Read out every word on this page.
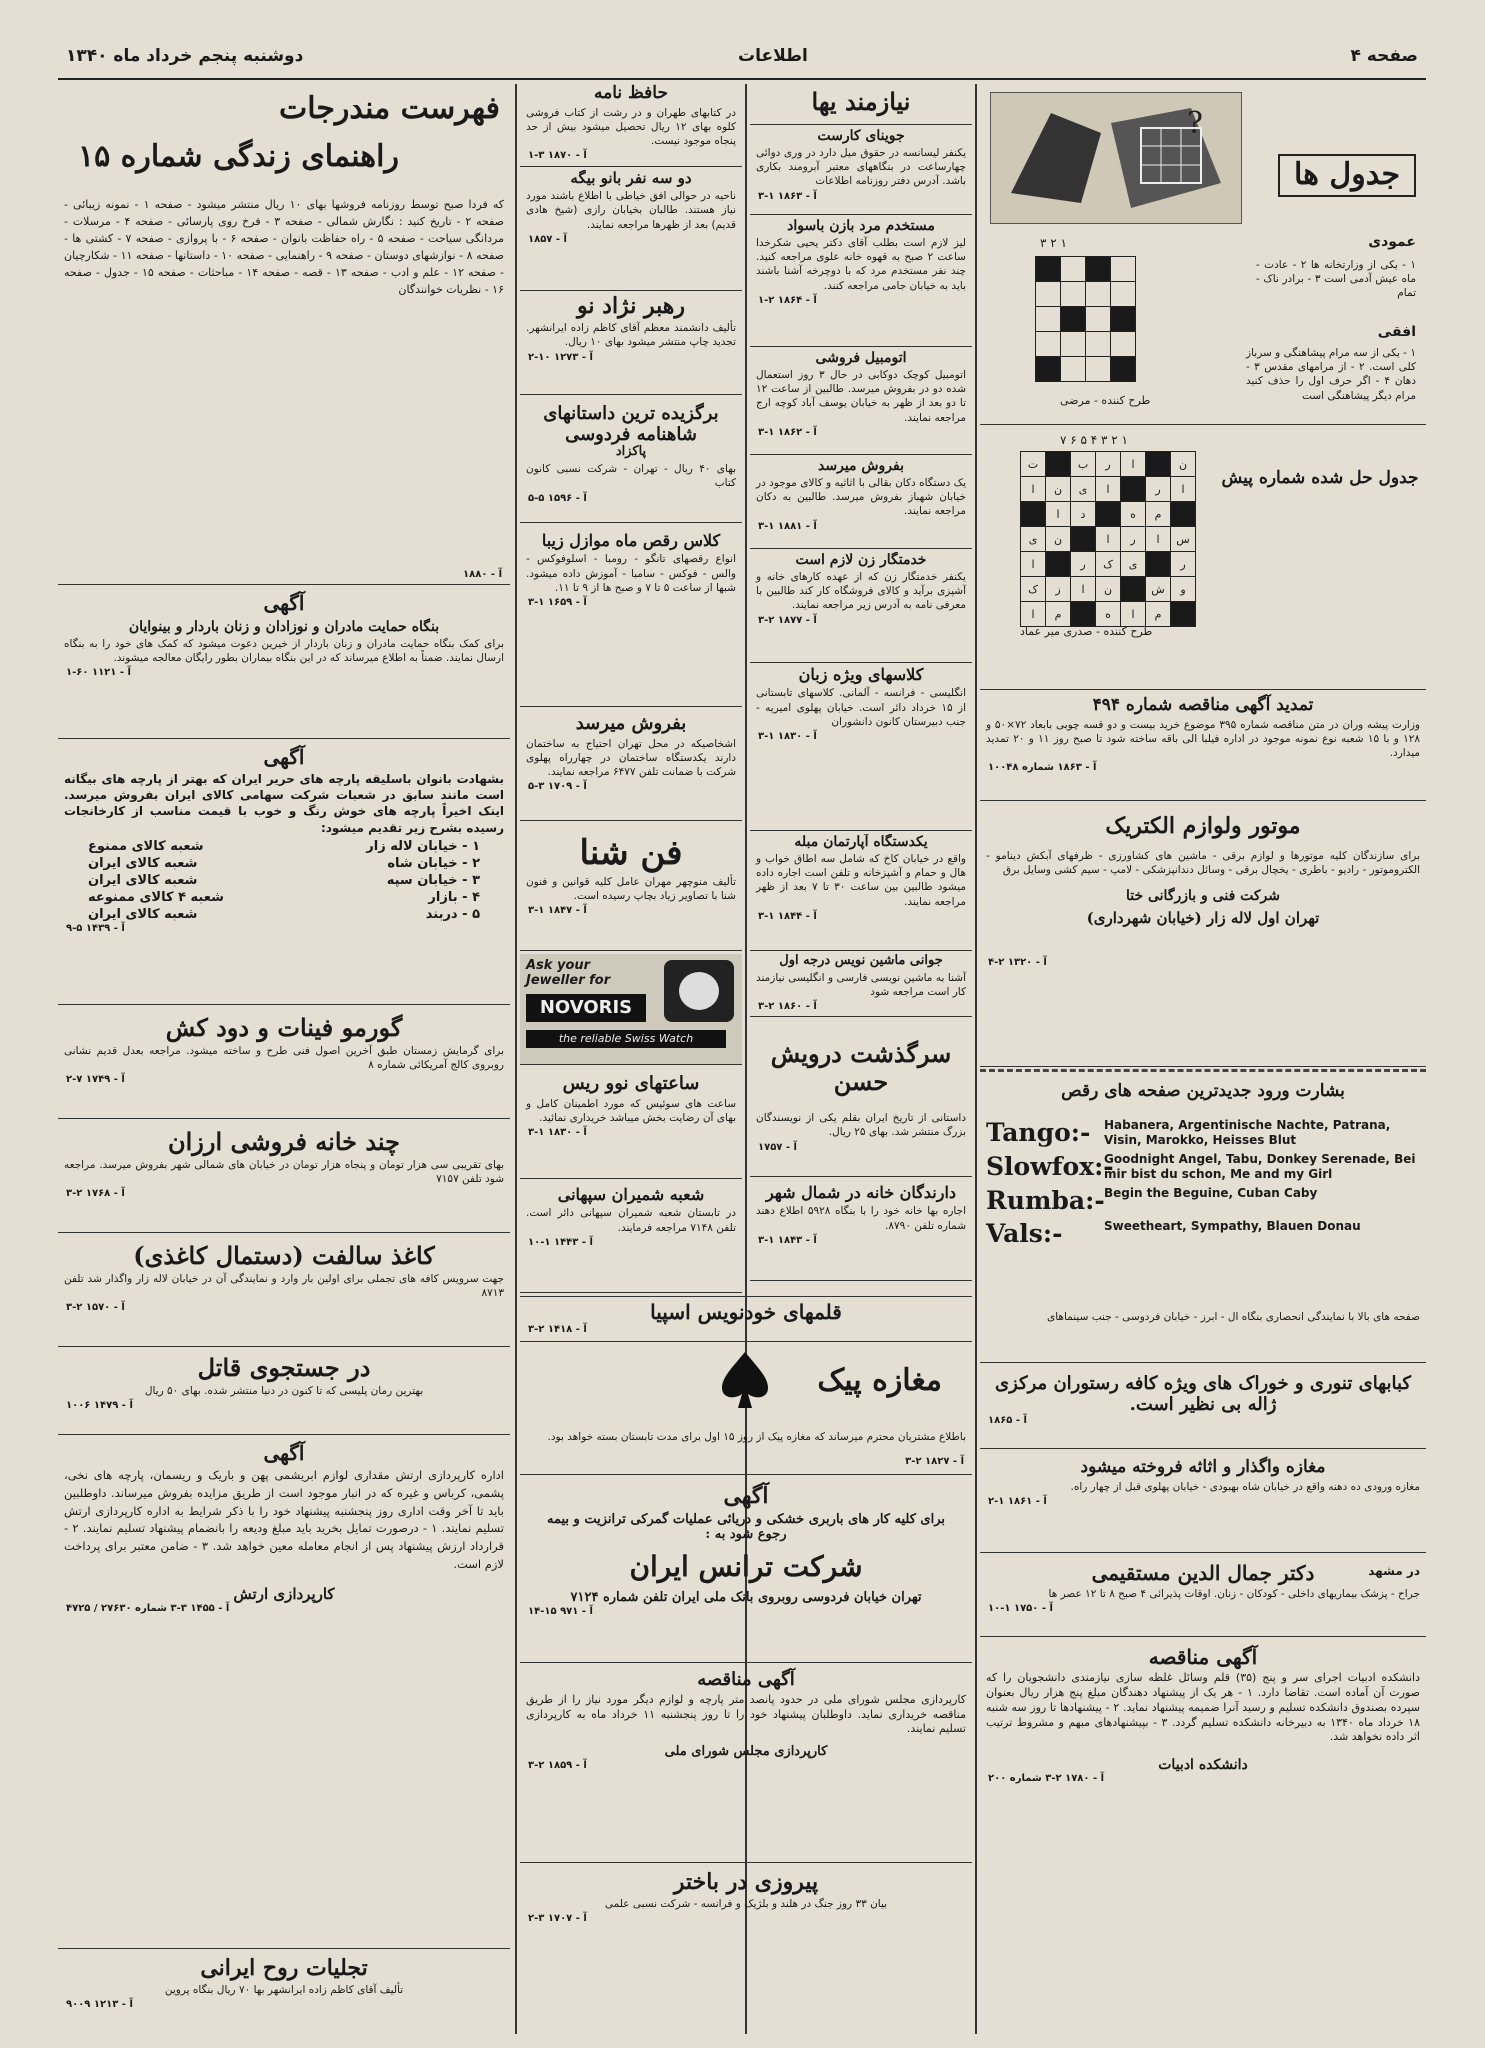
صفحه ۴
اطلاعات
دوشنبه پنجم خرداد ماه ۱۳۴۰
جدول ها
?
عمودی
۱ - یکی از وزارتخانه ها ۲ - عادت - ماه عیش آدمی است ۳ - برادر ناک - تمام
افقی
۱ - یکی از سه مرام پیشاهنگی و سرباز کلی است. ۲ - از مرامهای مقدس ۳ - دهان ۴ - اگر حرف اول را حذف کنید مرام دیگر پیشاهنگی است
۳ ۲ ۱

طرح کننده - مرضی
جدول حل شده شماره پیش
۷ ۶ ۵ ۴ ۳ ۲ ۱
ن		ا	ر	ب		ت
ا	ر		ا	ی	ن	ا
	م	ه		د	ا	
س	ا	ر	ا		ن	ی
ر		ی	ک	ر		ا
و	ش		ن	ا	ز	ک
	م	ا	ه		م	ا
طرح کننده - صدری میر عماد
تمدید آگهی مناقصه شماره ۴۹۴
وزارت پیشه وران در متن مناقصه شماره ۳۹۵ موضوع خرید بیست و دو قسه چوبی بابعاد ۷۲×۵۰ و ۱۲۸ و با ۱۵ شعبه نوع نمونه موجود در اداره فیلبا الی باقه ساخته شود تا صبح روز ۱۱ و ۲۰ تمدید میدارد.
آ - ۱۸۶۳ شماره ۱۰۰۴۸
موتور ولوازم الکتریک
برای سازندگان کلیه موتورها و لوازم برقی - ماشین های کشاورزی - ظرفهای آبکش دینامو - الکتروموتور - رادیو - باطری - یخچال برقی - وسائل دندانپزشکی - لامپ - سیم کشی وسایل برق
شرکت فنی و بازرگانی ختا
تهران اول لاله زار (خیابان شهرداری)
آ - ۱۳۲۰ ۲-۴
بشارت ورود جدیدترین صفحه های رقص
Tango:-	Habanera, Argentinische Nachte, Patrana, Visin, Marokko, Heisses Blut
Slowfox:-
Goodnight Angel, Tabu, Donkey Serenade, Bei mir bist du schon, Me and my Girl
Rumba:- Begin the Beguine, Cuban Caby
Vals:-	Sweetheart, Sympathy, Blauen Donau
صفحه های بالا با نمایندگی انحصاری بنگاه ال - ابرز - خیابان فردوسی - جنب سینماهای
کبابهای تنوری و خوراک های ویژه کافه رستوران مرکزی ژاله بی نظیر است.
آ - ۱۸۶۵
مغازه واگذار و اثاثه فروخته میشود
مغازه ورودی ده دهنه واقع در خیابان شاه بهبودی - خیابان پهلوی قبل از چهار راه.
آ - ۱۸۶۱ ۱-۲
در مشهد
دکتر جمال الدین مستقیمی
جراح - پزشک بیماریهای داخلی - کودکان - زنان. اوقات پذیرائی ۴ صبح ۸ تا ۱۲ عصر ها
آ - ۱۷۵۰ ۱-۱۰
آگهی مناقصه
دانشکده ادبیات اجرای سر و پنج (۳۵) قلم وسائل غلظه سازی نیازمندی دانشجویان را که صورت آن آماده است. تقاضا دارد. ۱ - هر یک از پیشنهاد دهندگان مبلغ پنج هزار ریال بعنوان سپرده بصندوق دانشکده تسلیم و رسید آنرا ضمیمه پیشنهاد نماید. ۲ - پیشنهادها تا روز سه شنبه ۱۸ خرداد ماه ۱۳۴۰ به دبیرخانه دانشکده تسلیم گردد. ۳ - بپیشنهادهای مبهم و مشروط ترتیب اثر داده نخواهد شد.
دانشکده ادبیات
آ - ۱۷۸۰ ۲-۳ شماره ۲۰۰
نیازمند یها
جوینای کارست
یکنفر لیسانسه در حقوق میل دارد در وری دوائی چهارساعت در بنگاههای معتبر آبرومند بکاری باشد. آدرس دفتر روزنامه اطلاعات
آ - ۱۸۶۳ ۱-۳
مستخدم مرد بازن باسواد
لیز لازم است بطلب آقای دکتر یحیی شکرخدا ساعت ۲ صبح به قهوه خانه علوی مراجعه کنید. چند نفر مستخدم مرد که با دوچرخه آشنا باشند باید به خیابان جامی مراجعه کنند.
آ - ۱۸۶۴ ۲-۱
اتومبیل فروشی
اتومبیل کوچک دوکابی در حال ۳ روز استعمال شده دو در بفروش میرسد. طالبین از ساعت ۱۲ تا دو بعد از ظهر به خیابان یوسف آباد کوچه ارج مراجعه نمایند.
آ - ۱۸۶۲ ۱-۳
بفروش میرسد
یک دستگاه دکان بقالی با اثاثیه و کالای موجود در خیابان شهباز بفروش میرسد. طالبین به دکان مراجعه نمایند.
آ - ۱۸۸۱ ۱-۳
خدمتگار زن لازم است
یکنفر خدمتگار زن که از عهده کارهای خانه و آشپزی برآید و کالای فروشگاه کار کند طالبین با معرفی نامه به آدرس زیر مراجعه نمایند.
آ - ۱۸۷۷ ۲-۳
کلاسهای ویژه زبان
انگلیسی - فرانسه - آلمانی. کلاسهای تابستانی از ۱۵ خرداد دائر است. خیابان پهلوی امیریه - جنب دبیرستان کانون دانشوران
آ - ۱۸۳۰ ۱-۳
یکدستگاه آپارتمان مبله
واقع در خیابان کاخ که شامل سه اطاق خواب و هال و حمام و آشپزخانه و تلفن است اجاره داده میشود طالبین بین ساعت ۳۰ تا ۷ بعد از ظهر مراجعه نمایند.
آ - ۱۸۴۴ ۱-۳
جوانی ماشین نویس درجه اول
آشنا به ماشین نویسی فارسی و انگلیسی نیازمند کار است مراجعه شود
آ - ۱۸۶۰ ۲-۳
سرگذشت درویش حسن
داستانی از تاریخ ایران بقلم یکی از نویسندگان بزرگ منتشر شد. بهای ۲۵ ریال.
آ - ۱۷۵۷
دارندگان خانه در شمال شهر
اجاره بها خانه خود را با بنگاه ۵۹۲۸ اطلاع دهند شماره تلفن ۸۷۹۰.
آ - ۱۸۴۳ ۱-۳
حافظ نامه
در کتابهای طهران و در رشت از کتاب فروشی کلوه بهای ۱۲ ریال تحصیل میشود بیش از حد پنجاه موجود نیست.
آ - ۱۸۷۰ ۳-۱
دو سه نفر بانو بیگه
ناحیه در حوالی افق خیاطی با اطلاع باشند مورد نیاز هستند. طالبان بخیابان رازی (شیخ هادی قدیم) بعد از ظهرها مراجعه نمایند.
آ - ۱۸۵۷
رهبر نژاد نو
تألیف دانشمند معظم آقای کاظم زاده ایرانشهر. تجدید چاپ منتشر میشود بهای ۱۰ ریال.
آ - ۱۲۷۳ ۱۰-۲
برگزیده ترین داستانهای شاهنامه فردوسی
پاکزاد
بهای ۴۰ ریال - تهران - شرکت نسبی کانون کتاب
آ - ۱۵۹۶ ۵-۵
کلاس رقص ماه موازل زیبا
انواع رقصهای تانگو - رومبا - اسلوفوکس - والس - فوکس - سامبا - آموزش داده میشود. شبها از ساعت ۵ تا ۷ و صبح ها از ۹ تا ۱۱.
آ - ۱۶۵۹ ۱-۳
بفروش میرسد
اشخاصیکه در محل تهران احتیاج به ساختمان دارند یکدستگاه ساختمان در چهارراه پهلوی شرکت با ضمانت تلفن ۶۴۷۷ مراجعه نمایند.
آ - ۱۷۰۹ ۳-۵
فن شنا
تألیف منوچهر مهران عامل کلیه قوانین و فنون شنا با تصاویر زیاد بچاپ رسیده است.
آ - ۱۸۴۷ ۱-۳
Ask your Jeweller for
NOVORIS
the reliable Swiss Watch
ساعتهای نوو ریس
ساعت های سوئیس که مورد اطمینان کامل و بهای آن رضایت بخش میباشد خریداری نمائید.
آ - ۱۸۳۰ ۱-۳
شعبه شمیران سپهانی
در تابستان شعبه شمیران سپهانی دائر است. تلفن ۷۱۴۸ مراجعه فرمایند.
آ - ۱۴۴۳ ۱-۱۰
قلمهای خودنویس اسپیا
آ - ۱۴۱۸ ۲-۳
مغازه پیک
باطلاع مشتریان محترم میرساند که مغازه پیک از روز ۱۵ اول برای مدت تابستان بسته خواهد بود.
آ - ۱۸۲۷ ۲-۳
آگهی
برای کلیه کار های باربری خشکی و دریائی عملیات گمرکی ترانزیت و بیمه رجوع شود به :
شرکت ترانس ایران
تهران خیابان فردوسی روبروی بانک ملی ایران تلفن شماره ۷۱۲۴
آ - ۹۷۱ ۱۵-۱۴
آگهی مناقصه
کارپردازی مجلس شورای ملی در حدود پانصد متر پارچه و لوازم دیگر مورد نیاز را از طریق مناقصه خریداری نماید. داوطلبان پیشنهاد خود را تا روز پنجشنبه ۱۱ خرداد ماه به کارپردازی تسلیم نمایند.
کارپردازی مجلس شورای ملی
آ - ۱۸۵۹ ۲-۳
پیروزی در باختر
بیان ۳۳ روز جنگ در هلند و بلژیک و فرانسه - شرکت نسبی علمی
آ - ۱۷۰۷ ۳-۲
فهرست مندرجات
راهنمای زندگی شماره ۱۵
که فردا صبح توسط روزنامه فروشها بهای ۱۰ ریال منتشر میشود - صفحه ۱ - نمونه زیبائی - صفحه ۲ - تاریخ کنید : نگارش شمالی - صفحه ۳ - فرخ روی پارسائی - صفحه ۴ - مرسلات - مردانگی سیاحت - صفحه ۵ - راه حفاظت بانوان - صفحه ۶ - با پروازی - صفحه ۷ - کشتی ها - صفحه ۸ - نوازشهای دوستان - صفحه ۹ - راهنمایی - صفحه ۱۰ - داستانها - صفحه ۱۱ - شکارچیان - صفحه ۱۲ - علم و ادب - صفحه ۱۳ - قصه - صفحه ۱۴ - مباحثات - صفحه ۱۵ - جدول - صفحه ۱۶ - نظریات خوانندگان
آ - ۱۸۸۰
آگهی
بنگاه حمایت مادران و نوزادان و زنان باردار و بینوایان
برای کمک بنگاه حمایت مادران و زنان باردار از خیرین دعوت میشود که کمک های خود را به بنگاه ارسال نمایند. ضمناً به اطلاع میرساند که در این بنگاه بیماران بطور رایگان معالجه میشوند.
آ - ۱۱۲۱ ۶۰-۱
آگهی
بشهادت بانوان باسلیقه پارچه های حریر ایران که بهتر از پارچه های بیگانه است مانند سابق در شعبات شرکت سهامی کالای ایران بفروش میرسد. اینک اخیراً پارچه های خوش رنگ و خوب با قیمت مناسب از کارخانجات رسیده بشرح زیر تقدیم میشود:
۱ - خیابان لاله زار
شعبه کالای ممنوع
۲ - خیابان شاه
شعبه کالای ایران
۳ - خیابان سپه
شعبه کالای ایران
۴ - بازار
شعبه ۴ کالای ممنوعه
۵ - دربند
شعبه کالای ایران
آ - ۱۴۳۹ ۵-۹
گورمو فینات و دود کش
برای گرمایش زمستان طبق آخرین اصول فنی طرح و ساخته میشود. مراجعه بعدل قدیم نشانی روبروی کالج آمریکائی شماره ۸
آ - ۱۷۴۹ ۷-۲
چند خانه فروشی ارزان
بهای تقریبی سی هزار تومان و پنجاه هزار تومان در خیابان های شمالی شهر بفروش میرسد. مراجعه شود تلفن ۷۱۵۷
آ - ۱۷۶۸ ۲-۳
کاغذ سالفت (دستمال کاغذی)
جهت سرویس کافه های تجملی برای اولین بار وارد و نمایندگی آن در خیابان لاله زار واگذار شد تلفن ۸۷۱۳
آ - ۱۵۷۰ ۲-۳
در جستجوی قاتل
بهترین رمان پلیسی که تا کنون در دنیا منتشر شده. بهای ۵۰ ریال
آ - ۱۴۷۹ ۱۰۰۶
آگهی
اداره کارپردازی ارتش مقداری لوازم ابریشمی پهن و باریک و ریسمان، پارچه های نخی، پشمی، کرباس و غیره که در انبار موجود است از طریق مزایده بفروش میرساند. داوطلبین باید تا آخر وقت اداری روز پنجشنبه پیشنهاد خود را با ذکر شرایط به اداره کارپردازی ارتش تسلیم نمایند. ۱ - درصورت تمایل بخرید باید مبلغ ودیعه را بانضمام پیشنهاد تسلیم نمایند. ۲ - قرارداد ارزش پیشنهاد پس از انجام معامله معین خواهد شد. ۳ - ضامن معتبر برای پرداخت لازم است.
کارپردازی ارتش
آ - ۱۴۵۵ ۳-۳ شماره ۲۷۶۳۰ / ۴۷۲۵
تجلیات روح ایرانی
تألیف آقای کاظم زاده ایرانشهر بها ۷۰ ریال بنگاه پروین
آ - ۱۲۱۳ ۹۰۰۹
